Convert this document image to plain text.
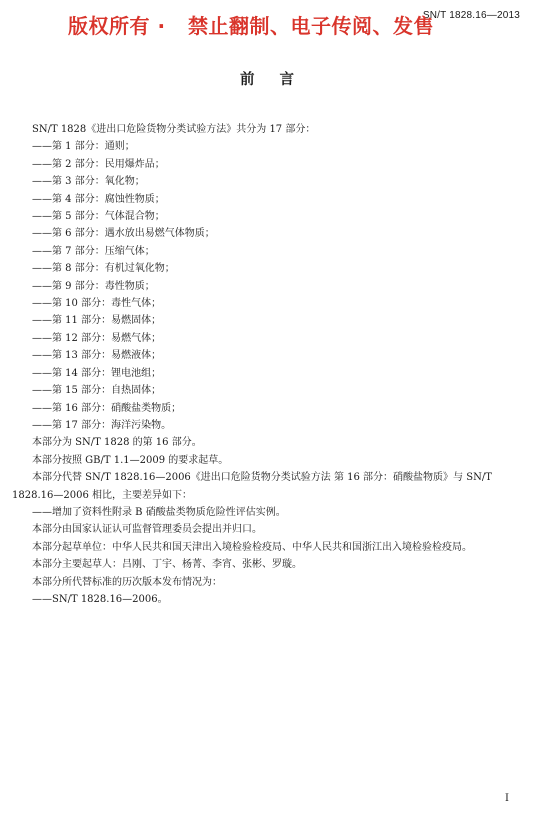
SN/T 1828.16—2013
版权所有 ·   禁止翻制、电子传阅、发售
前 言

SN/T 1828《进出口危险货物分类试验方法》共分为 17 部分：

——第 1 部分：通则；

——第 2 部分：民用爆炸品；

——第 3 部分：氧化物；

——第 4 部分：腐蚀性物质；

——第 5 部分：气体混合物；

——第 6 部分：遇水放出易燃气体物质；

——第 7 部分：压缩气体；

——第 8 部分：有机过氧化物；

——第 9 部分：毒性物质；

——第 10 部分：毒性气体；

——第 11 部分：易燃固体；

——第 12 部分：易燃气体；

——第 13 部分：易燃液体；

——第 14 部分：锂电池组；

——第 15 部分：自热固体；

——第 16 部分：硝酸盐类物质；

——第 17 部分：海洋污染物。

本部分为 SN/T 1828 的第 16 部分。

本部分按照 GB/T 1.1—2009 的要求起草。

本部分代替 SN/T 1828.16—2006《进出口危险货物分类试验方法 第 16 部分：硝酸盐物质》与 SN/T 1828.16—2006 相比，主要差异如下：

——增加了资料性附录 B 硝酸盐类物质危险性评估实例。

本部分由国家认证认可监督管理委员会提出并归口。

本部分起草单位：中华人民共和国天津出入境检验检疫局、中华人民共和国浙江出入境检验检疫局。

本部分主要起草人：吕刚、丁宇、杨菁、李宵、张彬、罗璇。

本部分所代替标准的历次版本发布情况为：

——SN/T 1828.16—2006。

I
